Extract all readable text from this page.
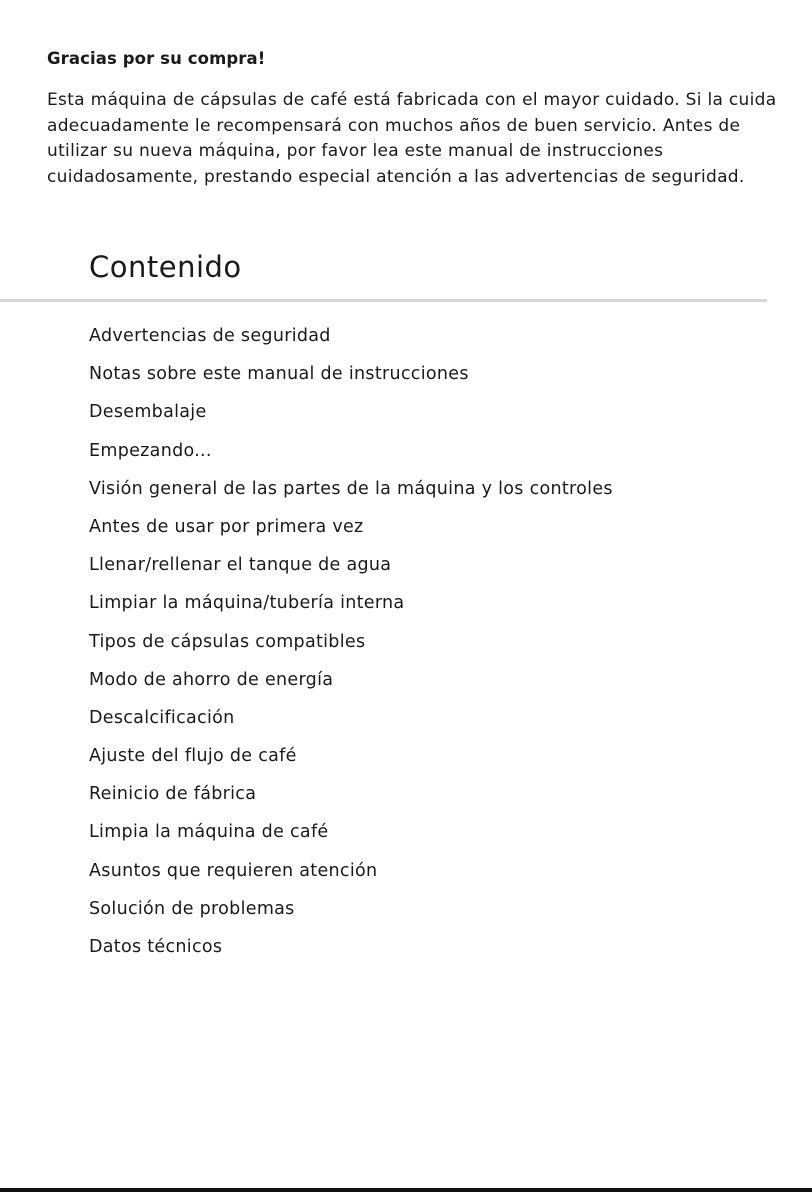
Gracias por su compra!

Esta máquina de cápsulas de café está fabricada con el mayor cuidado. Si la cuida adecuadamente le recompensará con muchos años de buen servicio. Antes de utilizar su nueva máquina, por favor lea este manual de instrucciones cuidadosamente, prestando especial atención a las advertencias de seguridad.

Contenido
Advertencias de seguridad
Notas sobre este manual de instrucciones
Desembalaje
Empezando...
Visión general de las partes de la máquina y los controles
Antes de usar por primera vez
Llenar/rellenar el tanque de agua
Limpiar la máquina/tubería interna
Tipos de cápsulas compatibles
Modo de ahorro de energía
Descalcificación
Ajuste del flujo de café
Reinicio de fábrica
Limpia la máquina de café
Asuntos que requieren atención
Solución de problemas
Datos técnicos
